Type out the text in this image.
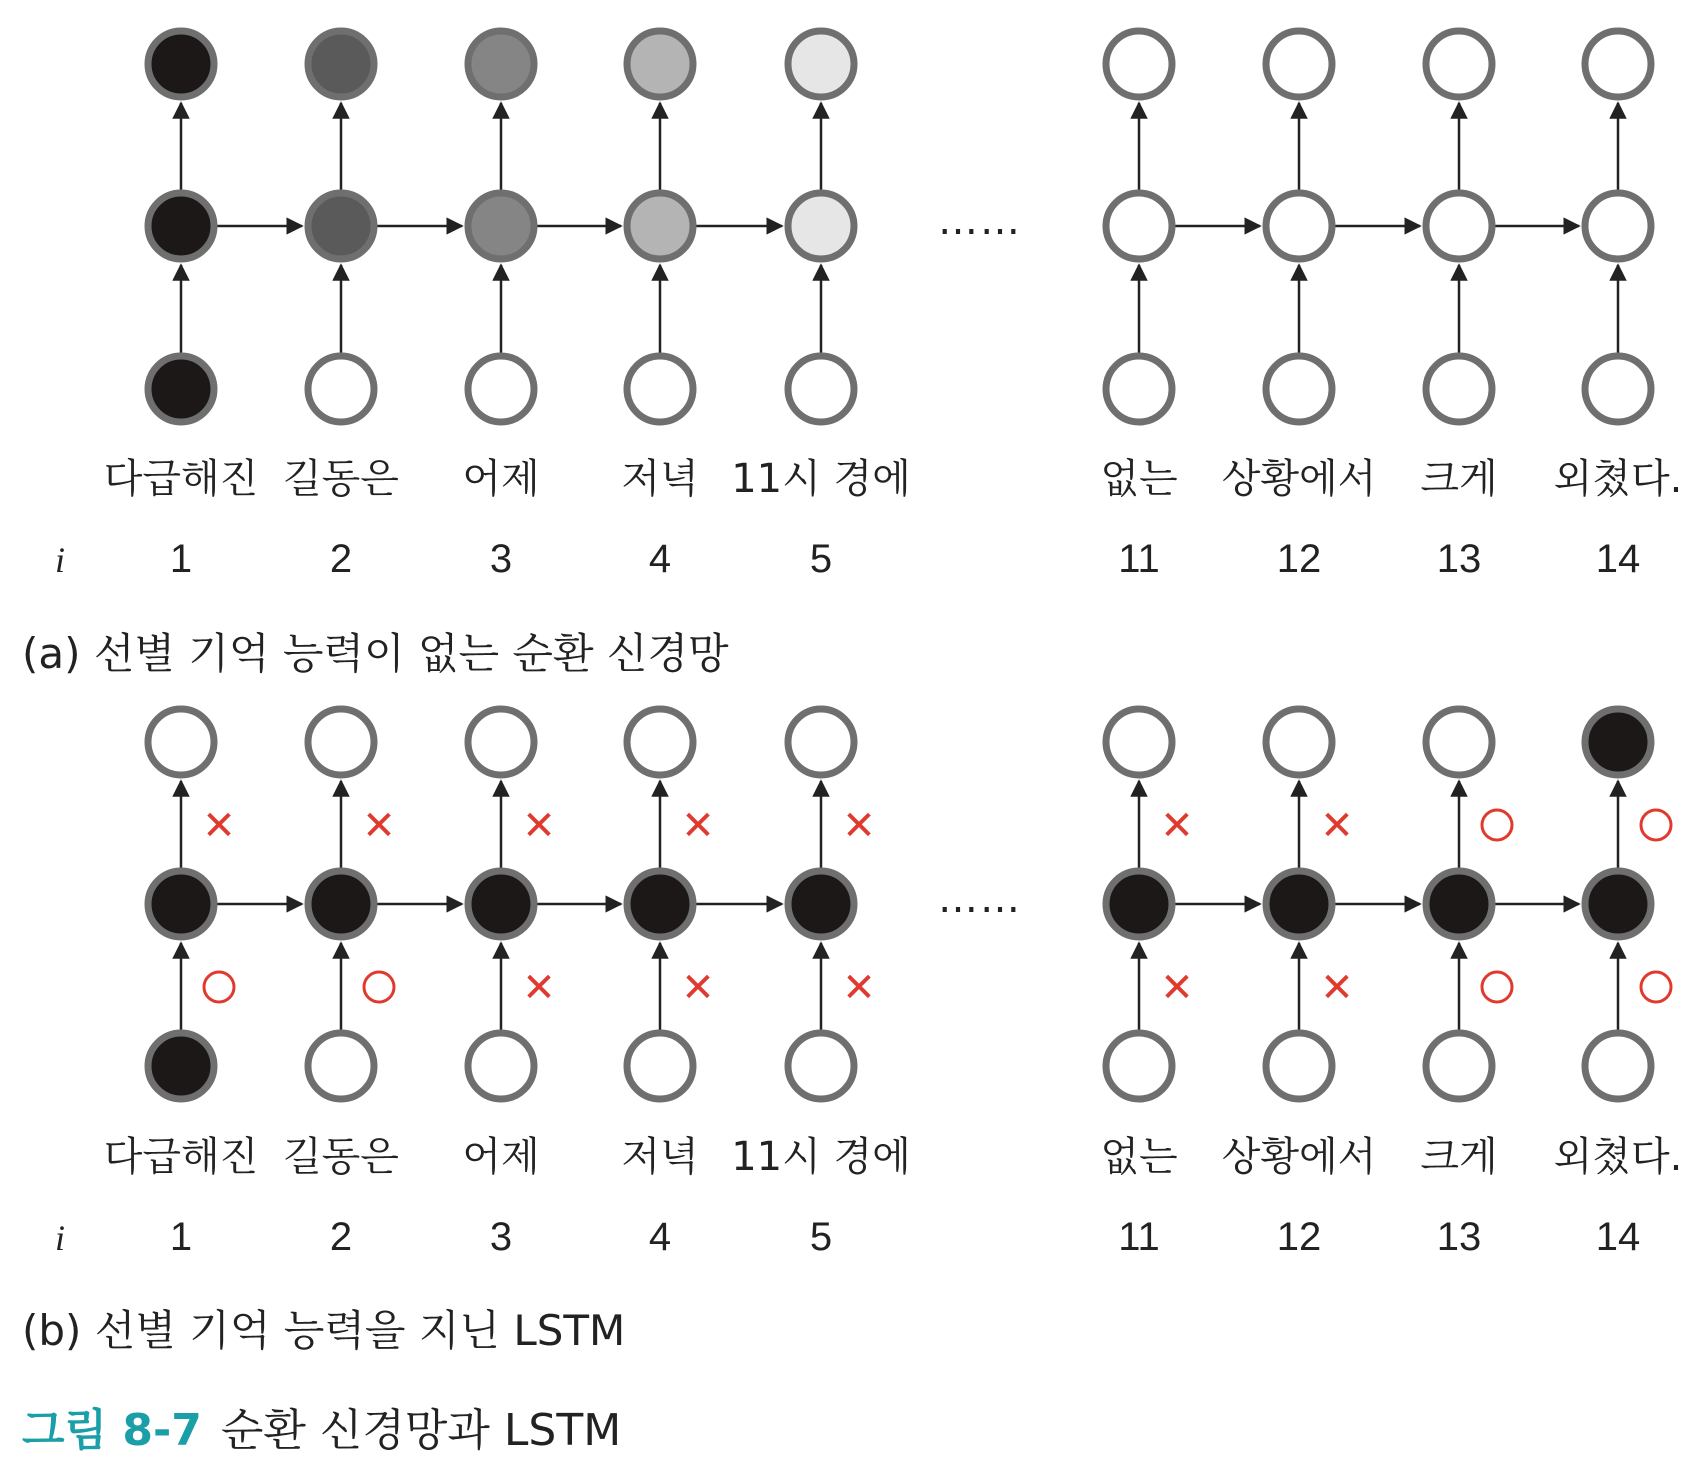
다급해진
1
길동은
2
어제
3
저녁
4
11시 경에
5
없는
11
상황에서
12
크게
13
외쳤다.
14
i
……
✕
다급해진
1
✕
길동은
2
✕
✕
어제
3
✕
✕
저녁
4
✕
✕
11시 경에
5
✕
✕
없는
11
✕
✕
상황에서
12
크게
13
외쳤다.
14
i
……
(a) 선별 기억 능력이 없는 순환 신경망
(b) 선별 기억 능력을 지닌 LSTM
그림 8-7 순환 신경망과 LSTM
